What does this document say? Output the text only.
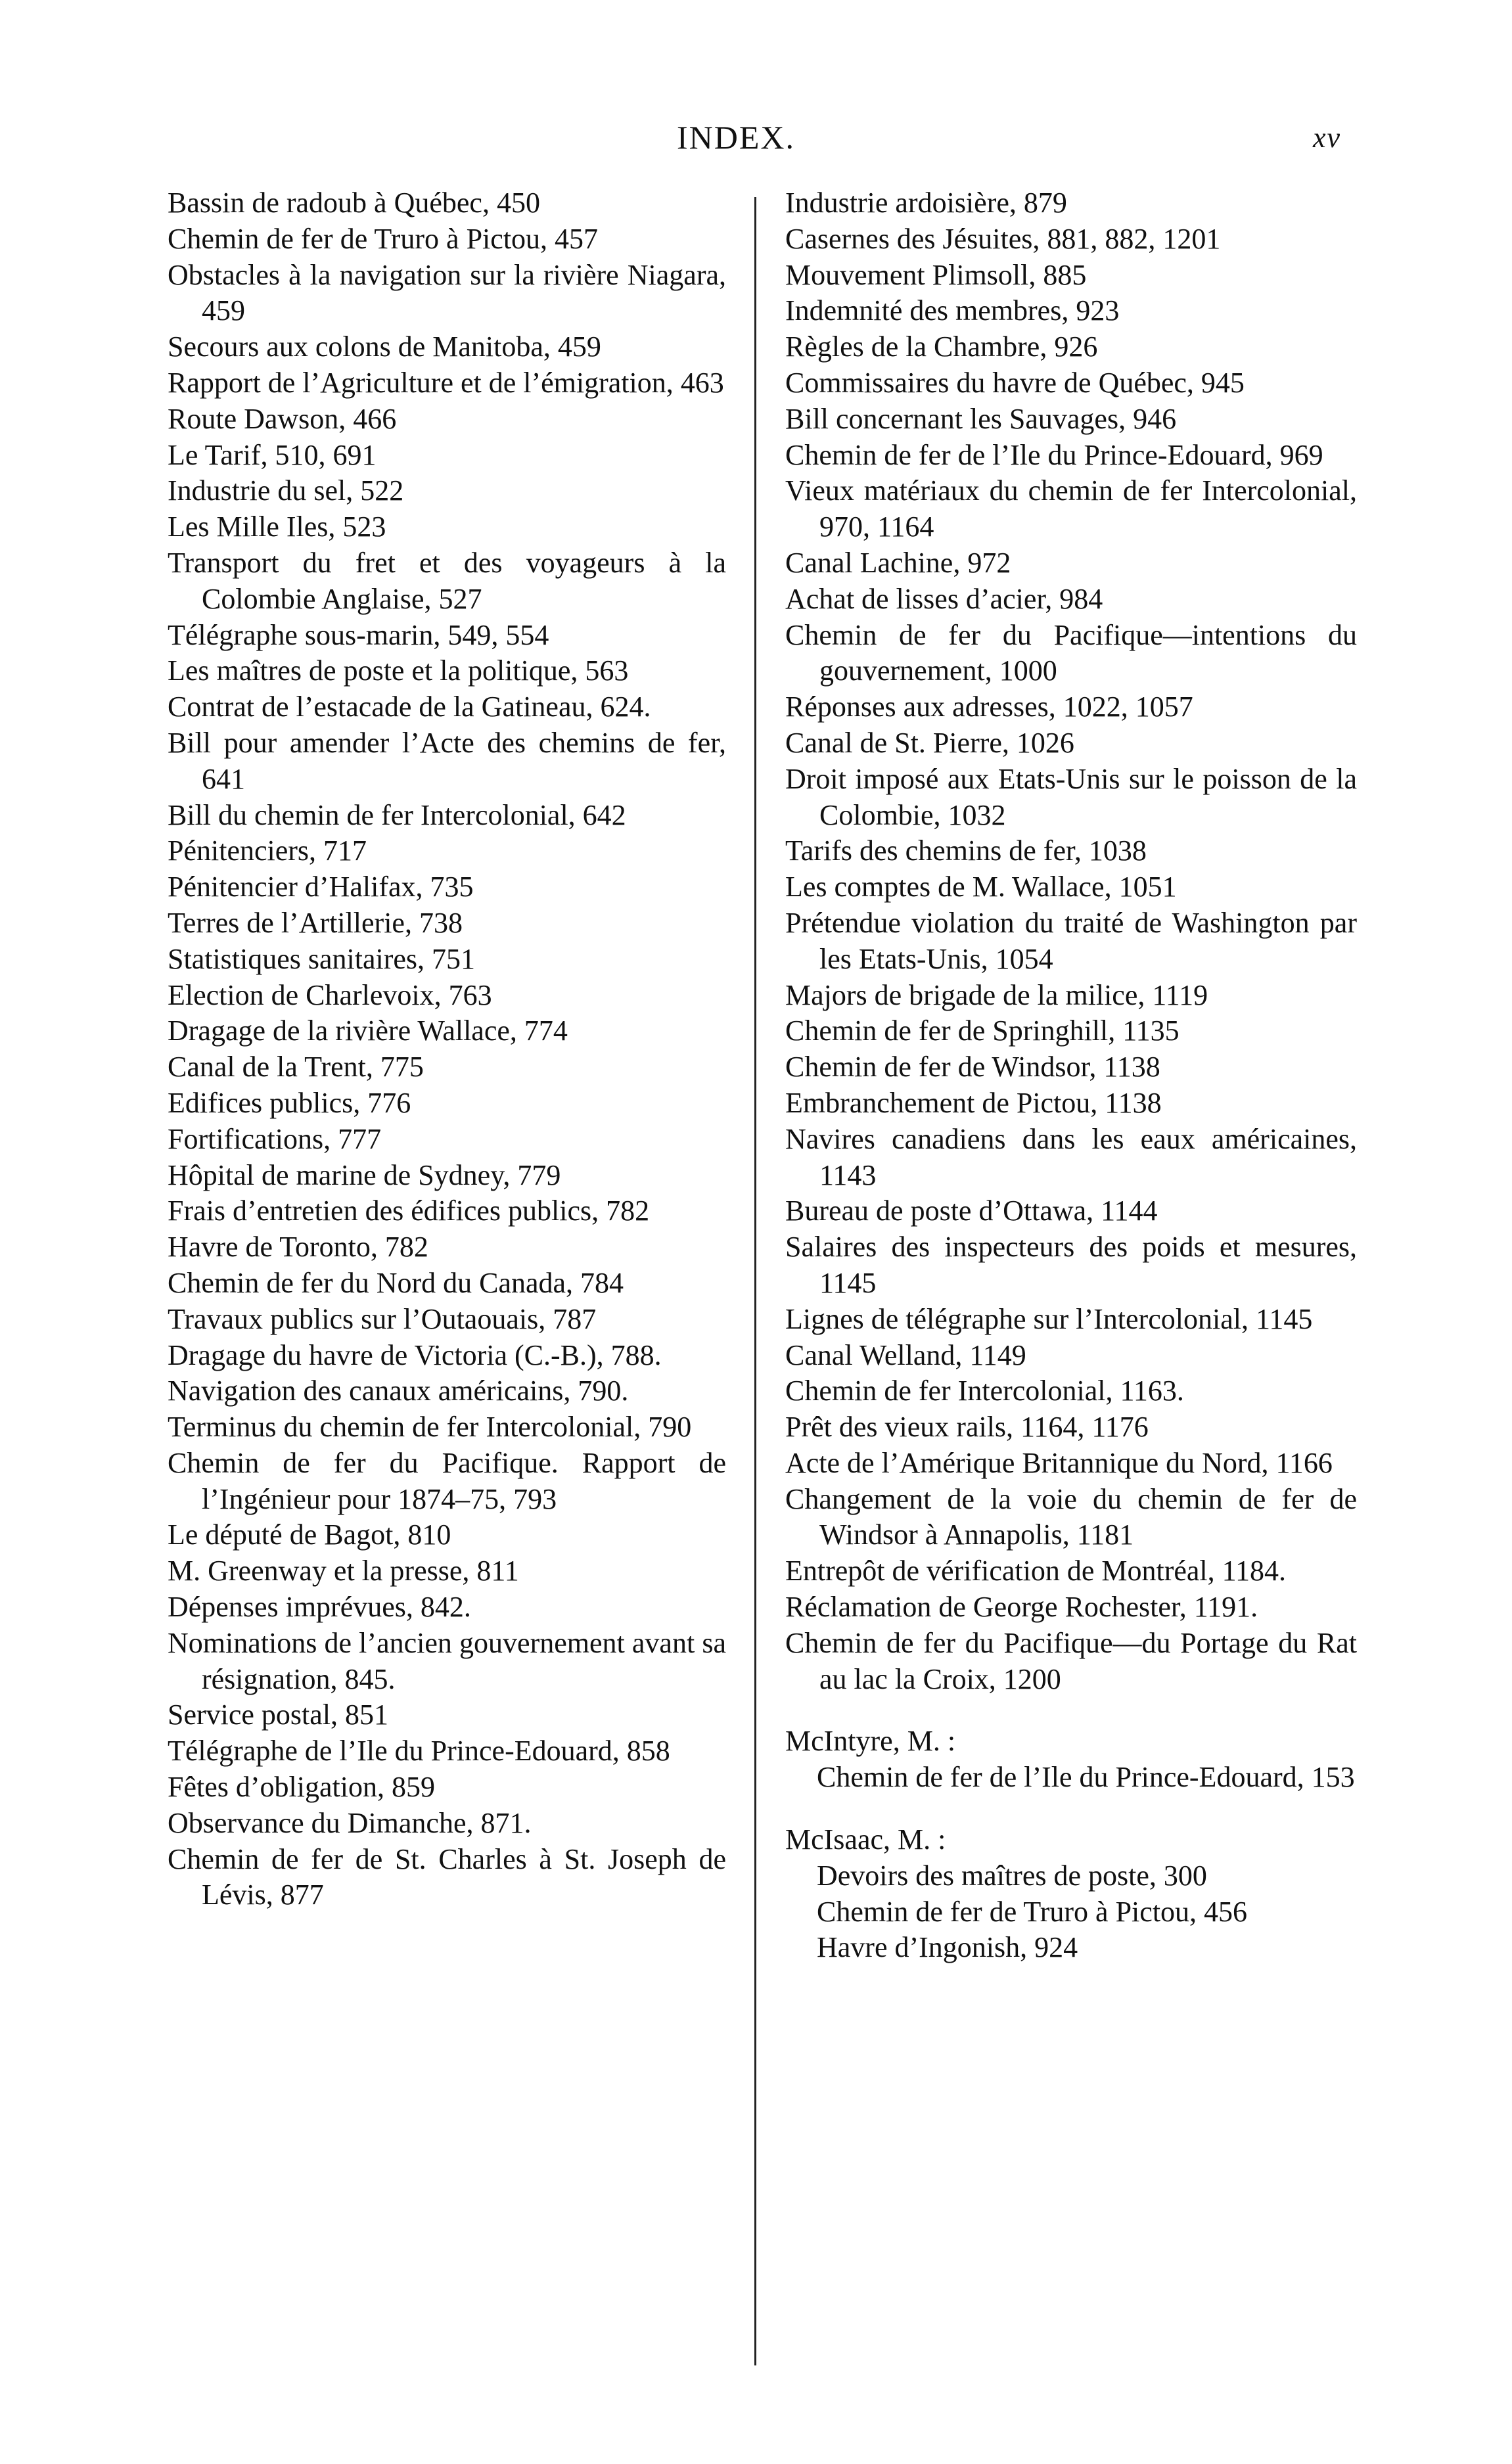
INDEX.	xv
Bassin de radoub à Québec, 450
Chemin de fer de Truro à Pictou, 457
Obstacles à la navigation sur la rivière Niagara, 459
Secours aux colons de Manitoba, 459
Rapport de l’Agriculture et de l’émigration, 463
Route Dawson, 466
Le Tarif, 510, 691
Industrie du sel, 522
Les Mille Iles, 523
Transport du fret et des voyageurs à la Colombie Anglaise, 527
Télégraphe sous-marin, 549, 554
Les maîtres de poste et la politique, 563
Contrat de l’estacade de la Gatineau, 624.
Bill pour amender l’Acte des chemins de fer, 641
Bill du chemin de fer Intercolonial, 642
Pénitenciers, 717
Pénitencier d’Halifax, 735
Terres de l’Artillerie, 738
Statistiques sanitaires, 751
Election de Charlevoix, 763
Dragage de la rivière Wallace, 774
Canal de la Trent, 775
Edifices publics, 776
Fortifications, 777
Hôpital de marine de Sydney, 779
Frais d’entretien des édifices publics, 782
Havre de Toronto, 782
Chemin de fer du Nord du Canada, 784
Travaux publics sur l’Outaouais, 787
Dragage du havre de Victoria (C.-B.), 788.
Navigation des canaux américains, 790.
Terminus du chemin de fer Intercolonial, 790
Chemin de fer du Pacifique. Rapport de l’Ingénieur pour 1874–75, 793
Le député de Bagot, 810
M. Greenway et la presse, 811
Dépenses imprévues, 842.
Nominations de l’ancien gouvernement avant sa résignation, 845.
Service postal, 851
Télégraphe de l’Ile du Prince-Edouard, 858
Fêtes d’obligation, 859
Observance du Dimanche, 871.
Chemin de fer de St. Charles à St. Joseph de Lévis, 877
Industrie ardoisière, 879
Casernes des Jésuites, 881, 882, 1201
Mouvement Plimsoll, 885
Indemnité des membres, 923
Règles de la Chambre, 926
Commissaires du havre de Québec, 945
Bill concernant les Sauvages, 946
Chemin de fer de l’Ile du Prince-Edouard, 969
Vieux matériaux du chemin de fer Intercolonial, 970, 1164
Canal Lachine, 972
Achat de lisses d’acier, 984
Chemin de fer du Pacifique—intentions du gouvernement, 1000
Réponses aux adresses, 1022, 1057
Canal de St. Pierre, 1026
Droit imposé aux Etats-Unis sur le poisson de la Colombie, 1032
Tarifs des chemins de fer, 1038
Les comptes de M. Wallace, 1051
Prétendue violation du traité de Washington par les Etats-Unis, 1054
Majors de brigade de la milice, 1119
Chemin de fer de Springhill, 1135
Chemin de fer de Windsor, 1138
Embranchement de Pictou, 1138
Navires canadiens dans les eaux américaines, 1143
Bureau de poste d’Ottawa, 1144
Salaires des inspecteurs des poids et mesures, 1145
Lignes de télégraphe sur l’Intercolonial, 1145
Canal Welland, 1149
Chemin de fer Intercolonial, 1163.
Prêt des vieux rails, 1164, 1176
Acte de l’Amérique Britannique du Nord, 1166
Changement de la voie du chemin de fer de Windsor à Annapolis, 1181
Entrepôt de vérification de Montréal, 1184.
Réclamation de George Rochester, 1191.
Chemin de fer du Pacifique—du Portage du Rat au lac la Croix, 1200
McIntyre, M. :
Chemin de fer de l’Ile du Prince-Edouard, 153
McIsaac, M. :
Devoirs des maîtres de poste, 300
Chemin de fer de Truro à Pictou, 456
Havre d’Ingonish, 924
